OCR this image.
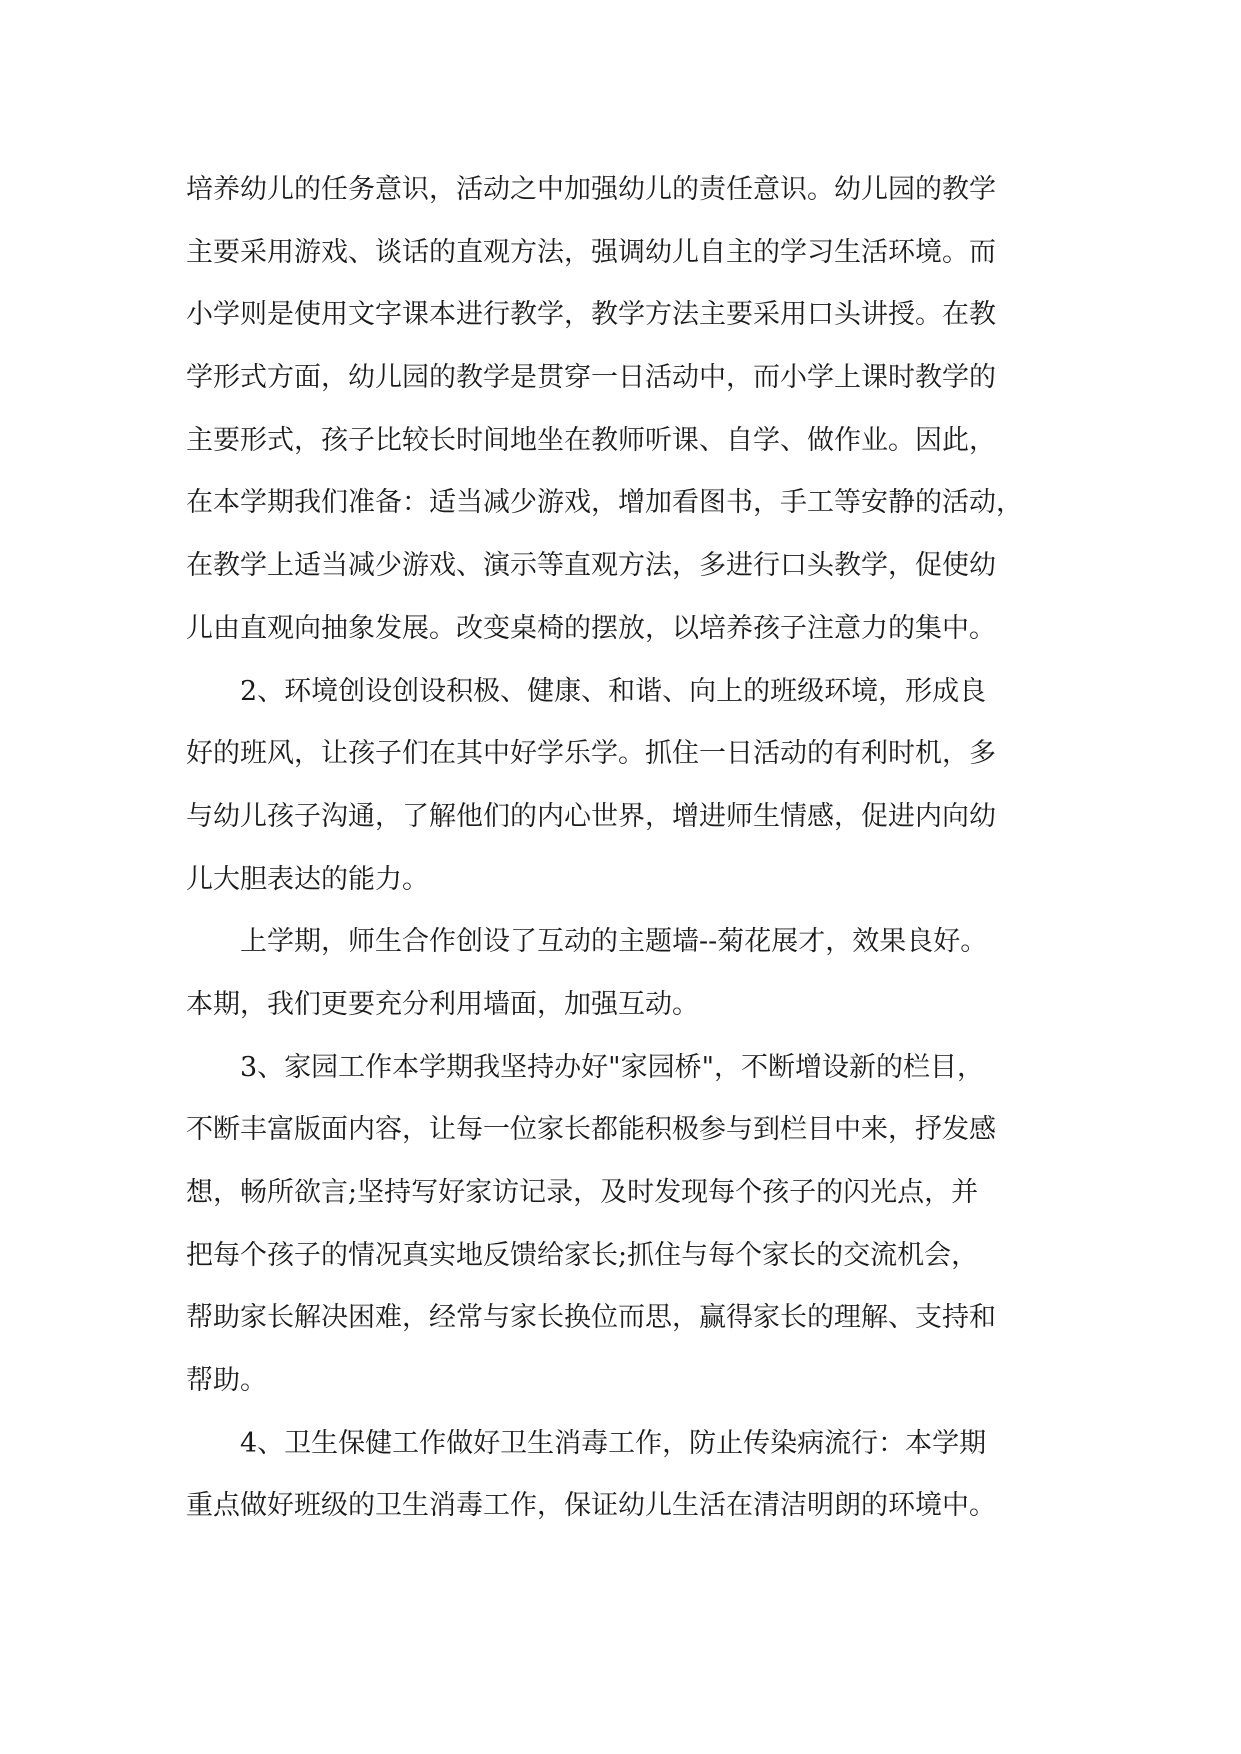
培养幼儿的任务意识，活动之中加强幼儿的责任意识。幼儿园的教学
主要采用游戏、谈话的直观方法，强调幼儿自主的学习生活环境。而
小学则是使用文字课本进行教学，教学方法主要采用口头讲授。在教
学形式方面，幼儿园的教学是贯穿一日活动中，而小学上课时教学的
主要形式，孩子比较长时间地坐在教师听课、自学、做作业。因此，
在本学期我们准备：适当减少游戏，增加看图书，手工等安静的活动，
在教学上适当减少游戏、演示等直观方法，多进行口头教学，促使幼
儿由直观向抽象发展。改变桌椅的摆放，以培养孩子注意力的集中。
2、环境创设创设积极、健康、和谐、向上的班级环境，形成良
好的班风，让孩子们在其中好学乐学。抓住一日活动的有利时机，多
与幼儿孩子沟通，了解他们的内心世界，增进师生情感，促进内向幼
儿大胆表达的能力。
上学期，师生合作创设了互动的主题墙--菊花展才，效果良好。
本期，我们更要充分利用墙面，加强互动。
3、家园工作本学期我坚持办好"家园桥"，不断增设新的栏目，
不断丰富版面内容，让每一位家长都能积极参与到栏目中来，抒发感
想，畅所欲言;坚持写好家访记录，及时发现每个孩子的闪光点，并
把每个孩子的情况真实地反馈给家长;抓住与每个家长的交流机会，
帮助家长解决困难，经常与家长换位而思，赢得家长的理解、支持和
帮助。
4、卫生保健工作做好卫生消毒工作，防止传染病流行：本学期
重点做好班级的卫生消毒工作，保证幼儿生活在清洁明朗的环境中。
